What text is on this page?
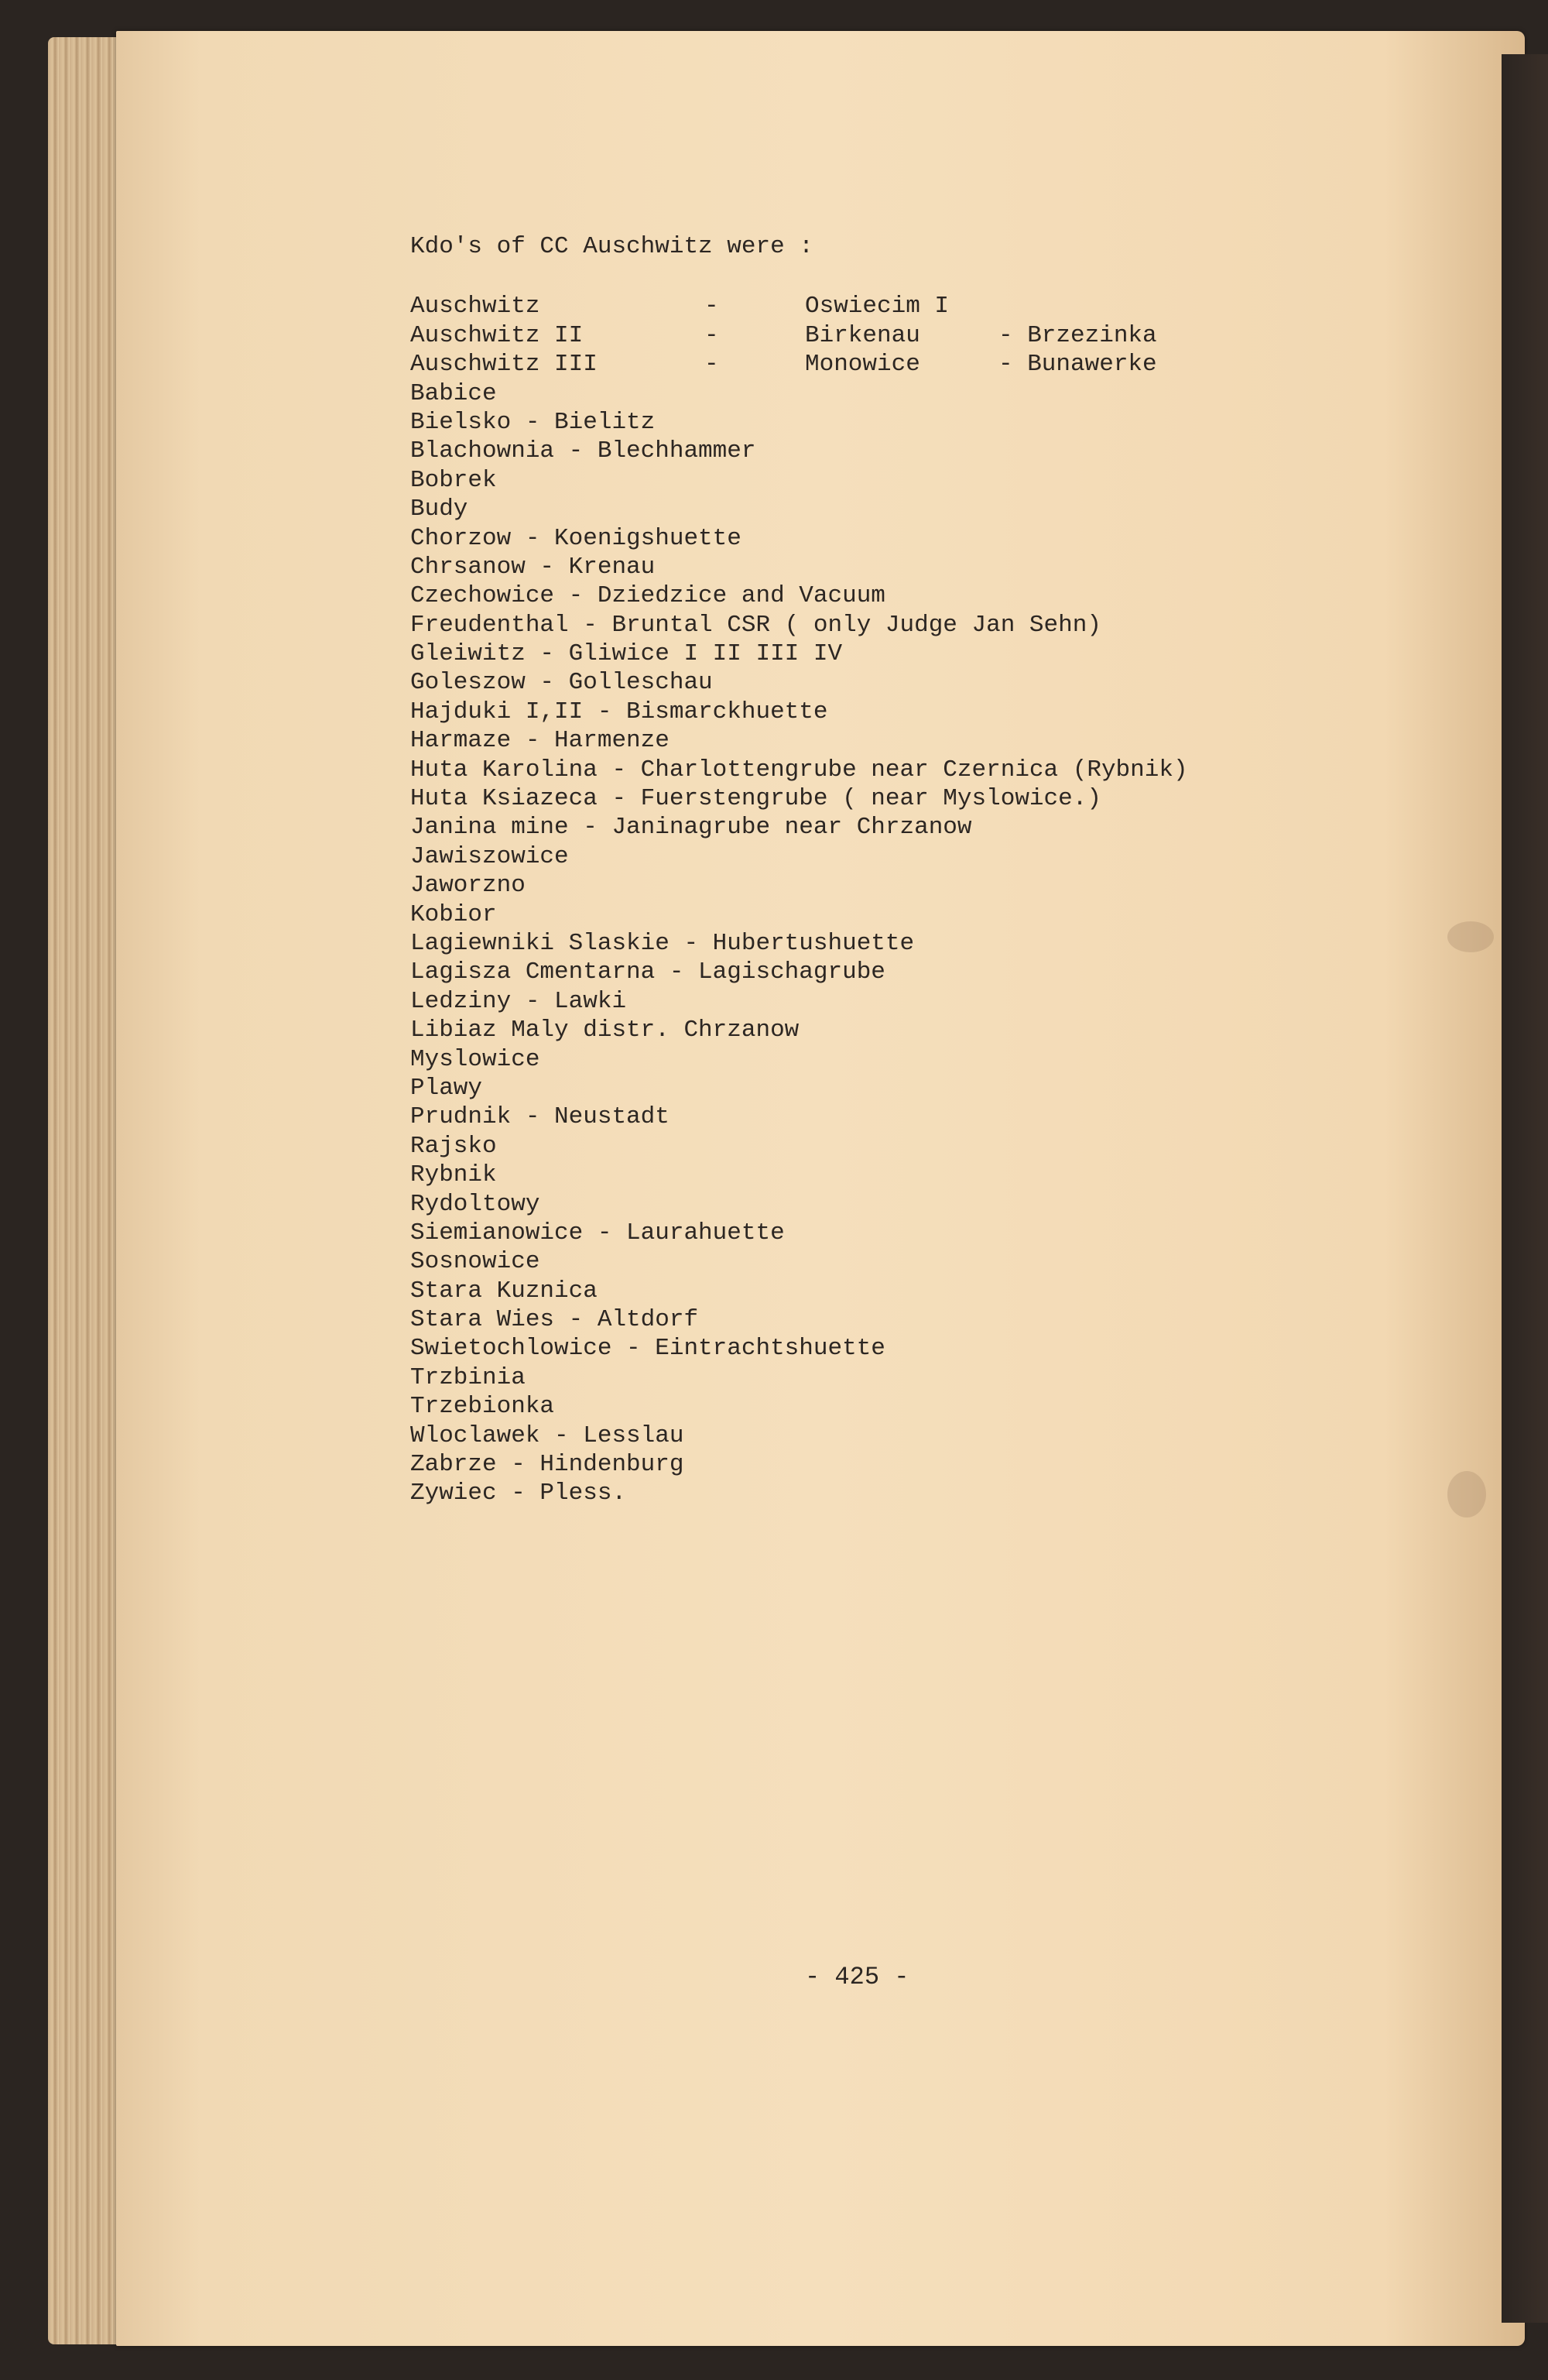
Kdo's of CC Auschwitz were :
Auschwitz	-	Oswiecim I
Auschwitz II	-	Birkenau	- Brzezinka
Auschwitz III	-	Monowice	- Bunawerke
Babice
Bielsko - Bielitz
Blachownia - Blechhammer
Bobrek
Budy
Chorzow - Koenigshuette
Chrsanow - Krenau
Czechowice - Dziedzice and Vacuum
Freudenthal - Bruntal CSR ( only Judge Jan Sehn)
Gleiwitz - Gliwice I II III IV
Goleszow - Golleschau
Hajduki I,II - Bismarckhuette
Harmaze - Harmenze
Huta Karolina - Charlottengrube near Czernica (Rybnik)
Huta Ksiazeca - Fuerstengrube ( near Myslowice.)
Janina mine - Janinagrube near Chrzanow
Jawiszowice
Jaworzno
Kobior
Lagiewniki Slaskie - Hubertushuette
Lagisza Cmentarna - Lagischagrube
Ledziny - Lawki
Libiaz Maly distr. Chrzanow
Myslowice
Plawy
Prudnik - Neustadt
Rajsko
Rybnik
Rydoltowy
Siemianowice - Laurahuette
Sosnowice
Stara Kuznica
Stara Wies - Altdorf
Swietochlowice - Eintrachtshuette
Trzbinia
Trzebionka
Wloclawek - Lesslau
Zabrze - Hindenburg
Zywiec - Pless.
- 425 -
